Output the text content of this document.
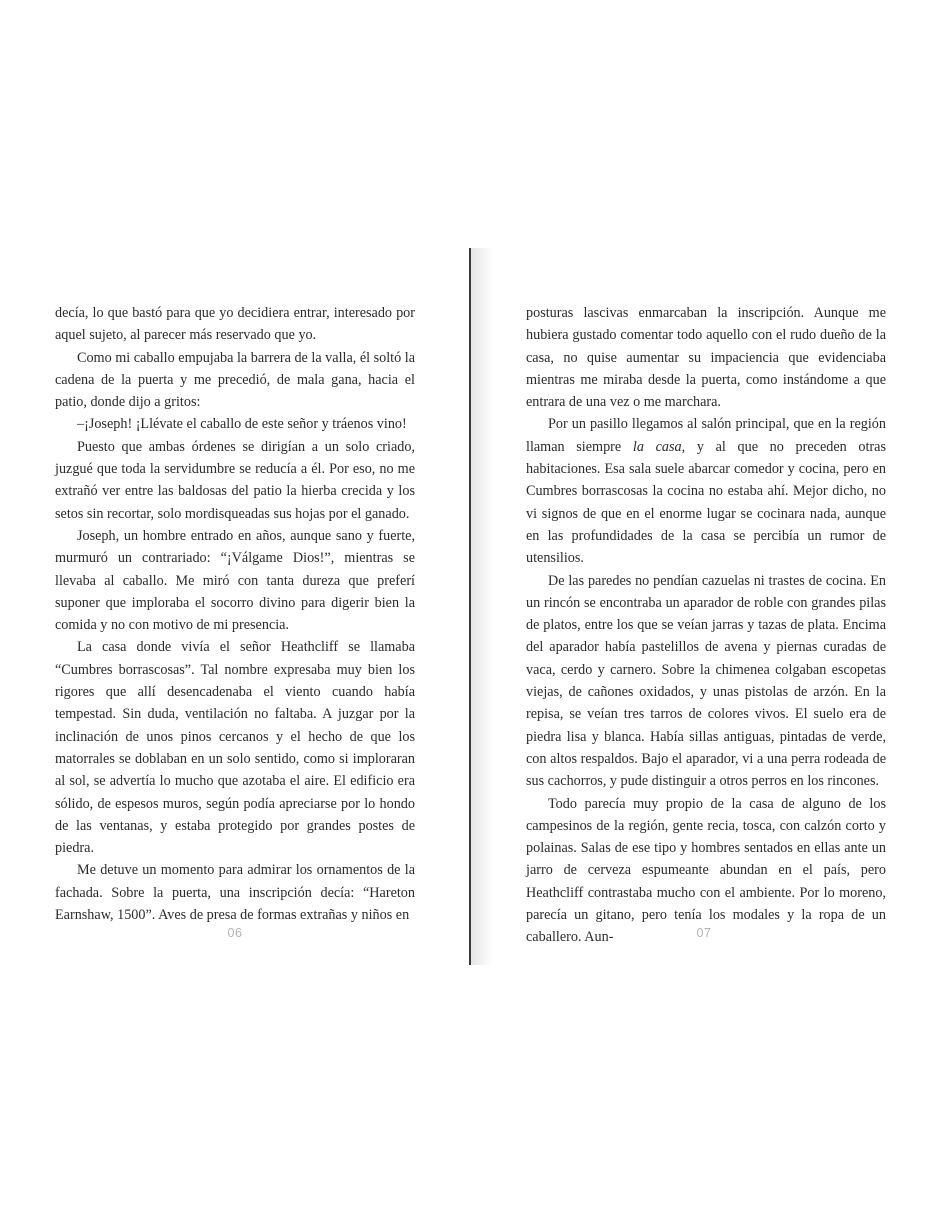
decía, lo que bastó para que yo decidiera entrar, interesado por aquel sujeto, al parecer más reservado que yo.

Como mi caballo empujaba la barrera de la valla, él soltó la cadena de la puerta y me precedió, de mala gana, hacia el patio, donde dijo a gritos:

–¡Joseph! ¡Llévate el caballo de este señor y tráenos vino!

Puesto que ambas órdenes se dirigían a un solo criado, juzgué que toda la servidumbre se reducía a él. Por eso, no me extrañó ver entre las baldosas del patio la hierba crecida y los setos sin recortar, solo mordisqueadas sus hojas por el ganado.

Joseph, un hombre entrado en años, aunque sano y fuerte, murmuró un contrariado: “¡Válgame Dios!”, mientras se llevaba al caballo. Me miró con tanta dureza que preferí suponer que imploraba el socorro divino para digerir bien la comida y no con motivo de mi presencia.

La casa donde vivía el señor Heathcliff se llamaba “Cumbres borrascosas”. Tal nombre expresaba muy bien los rigores que allí desencadenaba el viento cuando había tempestad. Sin duda, ventilación no faltaba. A juzgar por la inclinación de unos pinos cercanos y el hecho de que los matorrales se doblaban en un solo sentido, como si imploraran al sol, se advertía lo mucho que azotaba el aire. El edificio era sólido, de espesos muros, según podía apreciarse por lo hondo de las ventanas, y estaba protegido por grandes postes de piedra.

Me detuve un momento para admirar los ornamentos de la fachada. Sobre la puerta, una inscripción decía: “Hareton Earnshaw, 1500”. Aves de presa de formas extrañas y niños en

06

posturas lascivas enmarcaban la inscripción. Aunque me hubiera gustado comentar todo aquello con el rudo dueño de la casa, no quise aumentar su impaciencia que evidenciaba mientras me miraba desde la puerta, como instándome a que entrara de una vez o me marchara.

Por un pasillo llegamos al salón principal, que en la región llaman siempre la casa, y al que no preceden otras habitaciones. Esa sala suele abarcar comedor y cocina, pero en Cumbres borrascosas la cocina no estaba ahí. Mejor dicho, no vi signos de que en el enorme lugar se cocinara nada, aunque en las profundidades de la casa se percibía un rumor de utensilios.

De las paredes no pendían cazuelas ni trastes de cocina. En un rincón se encontraba un aparador de roble con grandes pilas de platos, entre los que se veían jarras y tazas de plata. Encima del aparador había pastelillos de avena y piernas curadas de vaca, cerdo y carnero. Sobre la chimenea colgaban escopetas viejas, de cañones oxidados, y unas pistolas de arzón. En la repisa, se veían tres tarros de colores vivos. El suelo era de piedra lisa y blanca. Había sillas antiguas, pintadas de verde, con altos respaldos. Bajo el aparador, vi a una perra rodeada de sus cachorros, y pude distinguir a otros perros en los rincones.

Todo parecía muy propio de la casa de alguno de los campesinos de la región, gente recia, tosca, con calzón corto y polainas. Salas de ese tipo y hombres sentados en ellas ante un jarro de cerveza espumeante abundan en el país, pero Heathcliff contrastaba mucho con el ambiente. Por lo moreno, parecía un gitano, pero tenía los modales y la ropa de un caballero. Aun-	07
